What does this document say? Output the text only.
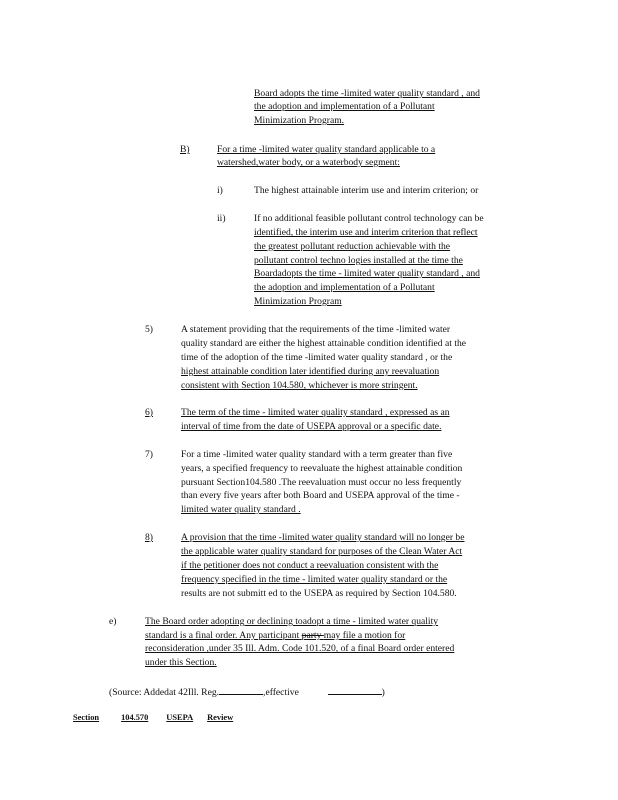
Board adopts the time -limited water quality standard , and
the adoption and implementation of a Pollutant
Minimization Program.
B)	For a time -limited water quality standard applicable to a
watershed,water body, or a waterbody segment:
i)	The highest attainable interim use and interim criterion; or
ii)	If no additional feasible pollutant control technology can be
identified, the interim use and interim criterion that reflect
the greatest pollutant reduction achievable with the
pollutant control techno logies installed at the time the
Boardadopts the time - limited water quality standard , and
the adoption and implementation of a Pollutant
Minimization Program
5)	A statement providing that the requirements of the time -limited water
quality standard are either the highest attainable condition identified at the
time of the adoption of the time -limited water quality standard , or the
highest attainable condition later identified during any reevaluation
consistent with Section 104.580, whichever is more stringent.
6)	The term of the time - limited water quality standard , expressed as an
interval of time from the date of USEPA approval or a specific date.
7)	For a time -limited water quality standard with a term greater than five
years, a specified frequency to reevaluate the highest attainable condition
pursuant Section104.580 .The reevaluation must occur no less frequently
than every five years after both Board and USEPA approval of the time -
limited water quality standard .
8)	A provision that the time -limited water quality standard will no longer be
the applicable water quality standard for purposes of the Clean Water Act
if the petitioner does not conduct a reevaluation consistent with the
frequency specified in the time - limited water quality standard or the
results are not submitt ed to the USEPA as required by Section 104.580.
e)	The Board order adopting or declining toadopt a time - limited water quality
standard is a final order. Any participant party may file a motion for
reconsideration ,under 35 Ill. Adm. Code 101.520, of a final Board order entered
under this Section.
(Source: Addedat 42Ill. Reg.	,effective	)
Section	104.570 USEPA Review
